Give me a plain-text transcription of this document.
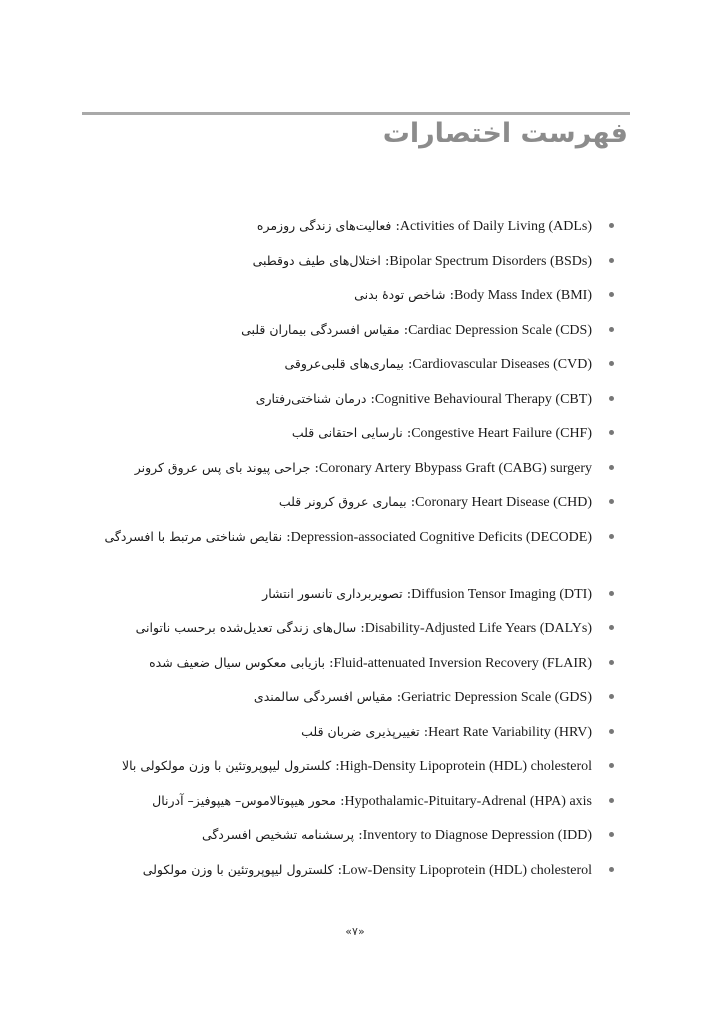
فهرست اختصارات
Activities of Daily Living (ADLs): فعالیت‌های زندگی روزمره
Bipolar Spectrum Disorders (BSDs): اختلال‌های طیف دوقطبی
Body Mass Index (BMI): شاخص تودهٔ بدنی
Cardiac Depression Scale (CDS): مقیاس افسردگی بیماران قلبی
Cardiovascular Diseases (CVD): بیماری‌های قلبی‌عروقی
Cognitive Behavioural Therapy (CBT): درمان شناختی‌رفتاری
Congestive Heart Failure (CHF): نارسایی احتقانی قلب
Coronary Artery Bbypass Graft (CABG) surgery: جراحی پیوند بای پس عروق کرونر
Coronary Heart Disease (CHD): بیماری عروق کرونر قلب
Depression-associated Cognitive Deficits (DECODE): نقایص شناختی مرتبط با افسردگی
Diffusion Tensor Imaging (DTI): تصویربرداری تانسور انتشار
Disability-Adjusted Life Years (DALYs): سال‌های زندگی تعدیل‌شده برحسب ناتوانی
Fluid-attenuated Inversion Recovery (FLAIR): بازیابی معکوس سیال ضعیف شده
Geriatric Depression Scale (GDS): مقیاس افسردگی سالمندی
Heart Rate Variability (HRV): تغییرپذیری ضربان قلب
High-Density Lipoprotein (HDL) cholesterol: کلسترول لیپوپروتئین با وزن مولکولی بالا
Hypothalamic-Pituitary-Adrenal (HPA) axis: محور هیپوتالاموس– هیپوفیز– آدرنال
Inventory to Diagnose Depression (IDD): پرسشنامه تشخیص افسردگی
Low-Density Lipoprotein (HDL) cholesterol: کلسترول لیپوپروتئین با وزن مولکولی
«۷»
